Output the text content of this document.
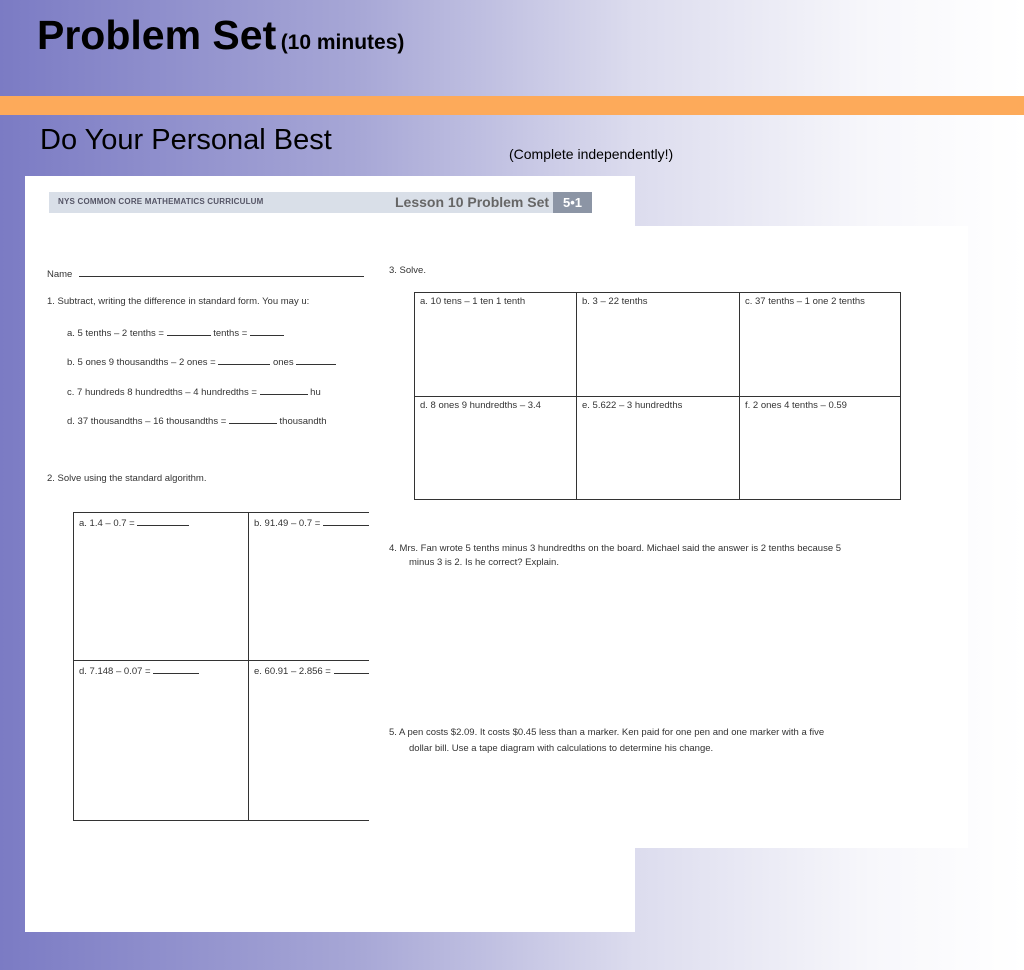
Problem Set (10 minutes)
Do Your Personal Best	(Complete independently!)
NYS COMMON CORE MATHEMATICS CURRICULUM	Lesson 10 Problem Set	5•1
Name
1. Subtract, writing the difference in standard form. You may u:
a. 5 tenths – 2 tenths =	tenths =
b. 5 ones 9 thousandths – 2 ones =	ones
c. 7 hundreds 8 hundredths – 4 hundredths =	hu
d. 37 thousandths – 16 thousandths =	thousandth
2. Solve using the standard algorithm.
a. 1.4 – 0.7 =	b. 91.49 – 0.7 =
d. 7.148 – 0.07 =	e. 60.91 – 2.856 =
3. Solve.
a. 10 tens – 1 ten 1 tenth	b. 3 – 22 tenths	c. 37 tenths – 1 one 2 tenths
d. 8 ones 9 hundredths – 3.4	e. 5.622 – 3 hundredths	f. 2 ones 4 tenths – 0.59
4. Mrs. Fan wrote 5 tenths minus 3 hundredths on the board. Michael said the answer is 2 tenths because 5
minus 3 is 2. Is he correct? Explain.
5. A pen costs $2.09. It costs $0.45 less than a marker. Ken paid for one pen and one marker with a five
dollar bill. Use a tape diagram with calculations to determine his change.
